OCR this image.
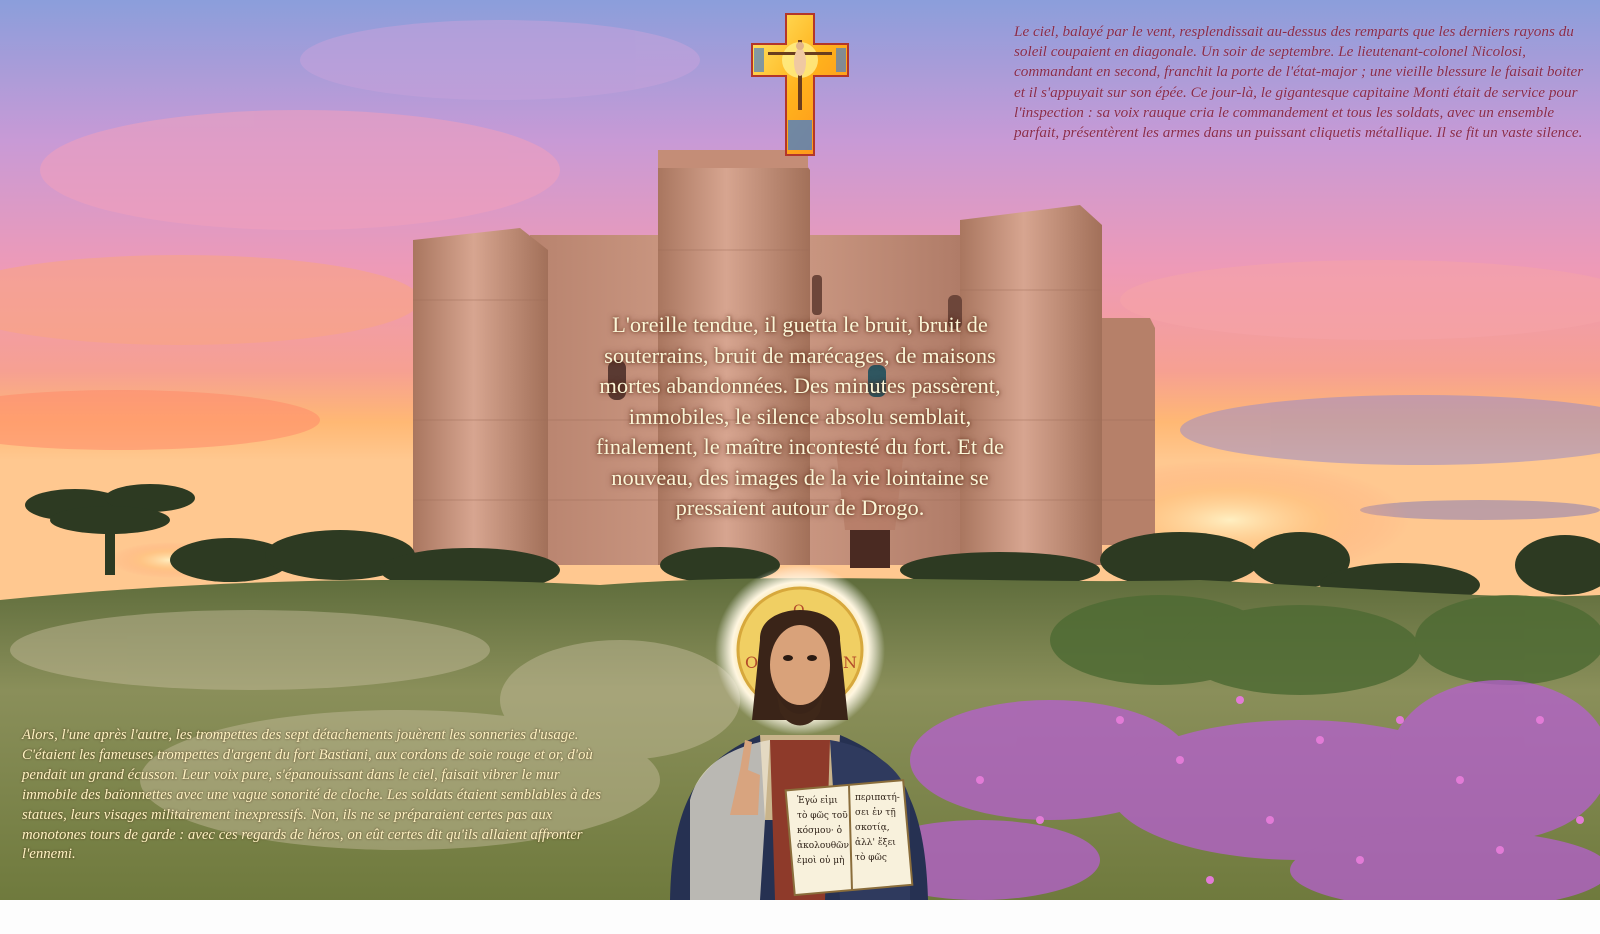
O	N
Ἐγώ εἰμι
τὸ φῶς τοῦ
κόσμου· ὁ
ἀκολουθῶν
ἐμοὶ οὐ μὴ
περιπατή-
σει ἐν τῇ
σκοτίᾳ,
ἀλλ' ἕξει
τὸ φῶς

Le ciel, balayé par le vent, resplendissait au-dessus des remparts que les derniers rayons du soleil coupaient en diagonale. Un soir de septembre. Le lieutenant-colonel Nicolosi, commandant en second, franchit la porte de l'état-major ; une vieille blessure le faisait boiter et il s'appuyait sur son épée. Ce jour-là, le gigantesque capitaine Monti était de service pour l'inspection : sa voix rauque cria le commandement et tous les soldats, avec un ensemble parfait, présentèrent les armes dans un puissant cliquetis métallique. Il se fit un vaste silence.

L'oreille tendue, il guetta le bruit, bruit de souterrains, bruit de marécages, de maisons mortes abandonnées. Des minutes passèrent, immobiles, le silence absolu semblait, finalement, le maître incontesté du fort. Et de nouveau, des images de la vie lointaine se pressaient autour de Drogo.

Alors, l'une après l'autre, les trompettes des sept détachements jouèrent les sonneries d'usage. C'étaient les fameuses trompettes d'argent du fort Bastiani, aux cordons de soie rouge et or, d'où pendait un grand écusson. Leur voix pure, s'épanouissant dans le ciel, faisait vibrer le mur immobile des baïonnettes avec une vague sonorité de cloche. Les soldats étaient semblables à des statues, leurs visages militairement inexpressifs. Non, ils ne se préparaient certes pas aux monotones tours de garde : avec ces regards de héros, on eût certes dit qu'ils allaient affronter l'ennemi.
